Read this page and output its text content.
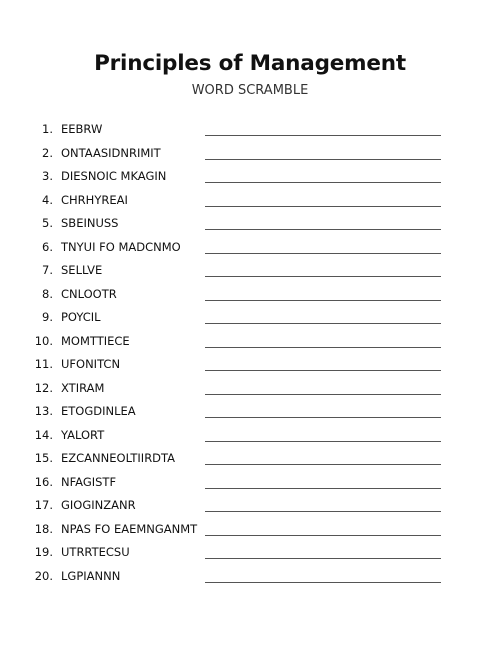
Principles of Management
WORD SCRAMBLE
1. EEBRW
2. ONTAASIDNRIMIT
3. DIESNOIC MKAGIN
4. CHRHYREAI
5. SBEINUSS
6. TNYUI FO MADCNMO
7. SELLVE
8. CNLOOTR
9. POYCIL
10. MOMTTIECE
11. UFONITCN
12. XTIRAM
13. ETOGDINLEA
14. YALORT
15. EZCANNEOLTIIRDTA
16. NFAGISTF
17. GIOGINZANR
18. NPAS FO EAEMNGANMT
19. UTRRTECSU
20. LGPIANNN
